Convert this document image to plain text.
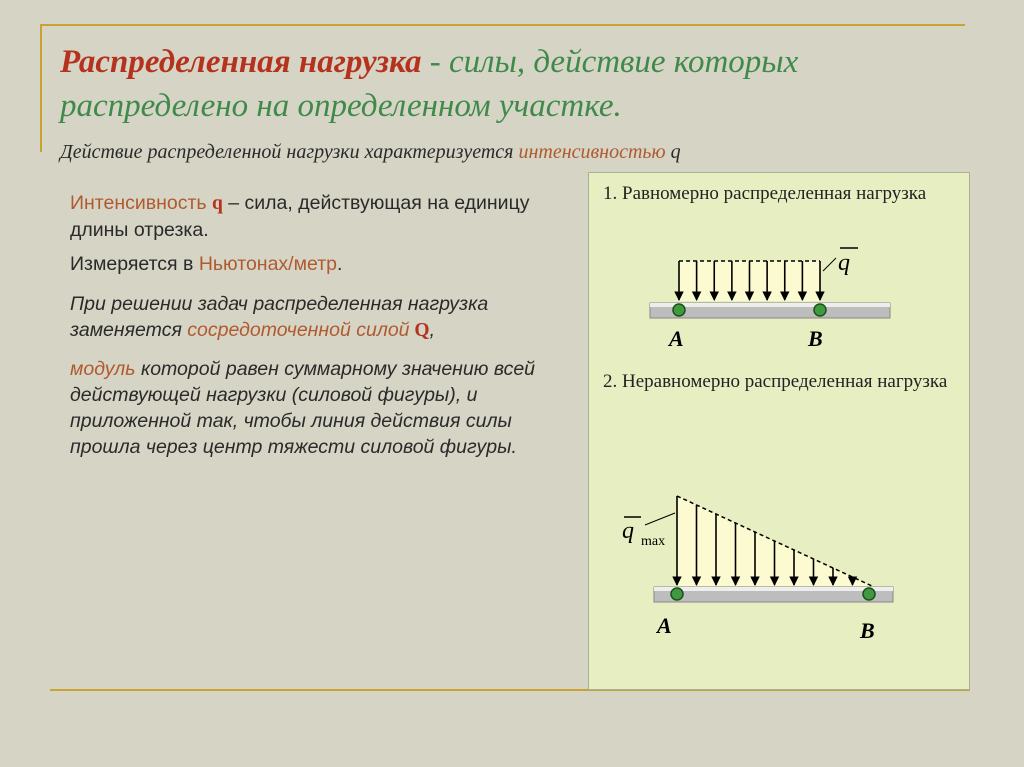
Распределенная нагрузка - силы, действие которых распределено на определенном участке.

Действие распределенной нагрузки характеризуется интенсивностью q

Интенсивность q – сила, действующая на единицу длины отрезка.

Измеряется в Ньютонах/метр.

При решении задач распределенная нагрузка заменяется сосредоточенной силой Q,

модуль которой равен суммарному значению всей действующей нагрузки (силовой фигуры), и приложенной так, чтобы линия действия силы прошла через центр тяжести силовой фигуры.

1. Равномерно распределенная нагрузка

2. Неравномерно распределенная нагрузка

q
A	B
q max
A	B
